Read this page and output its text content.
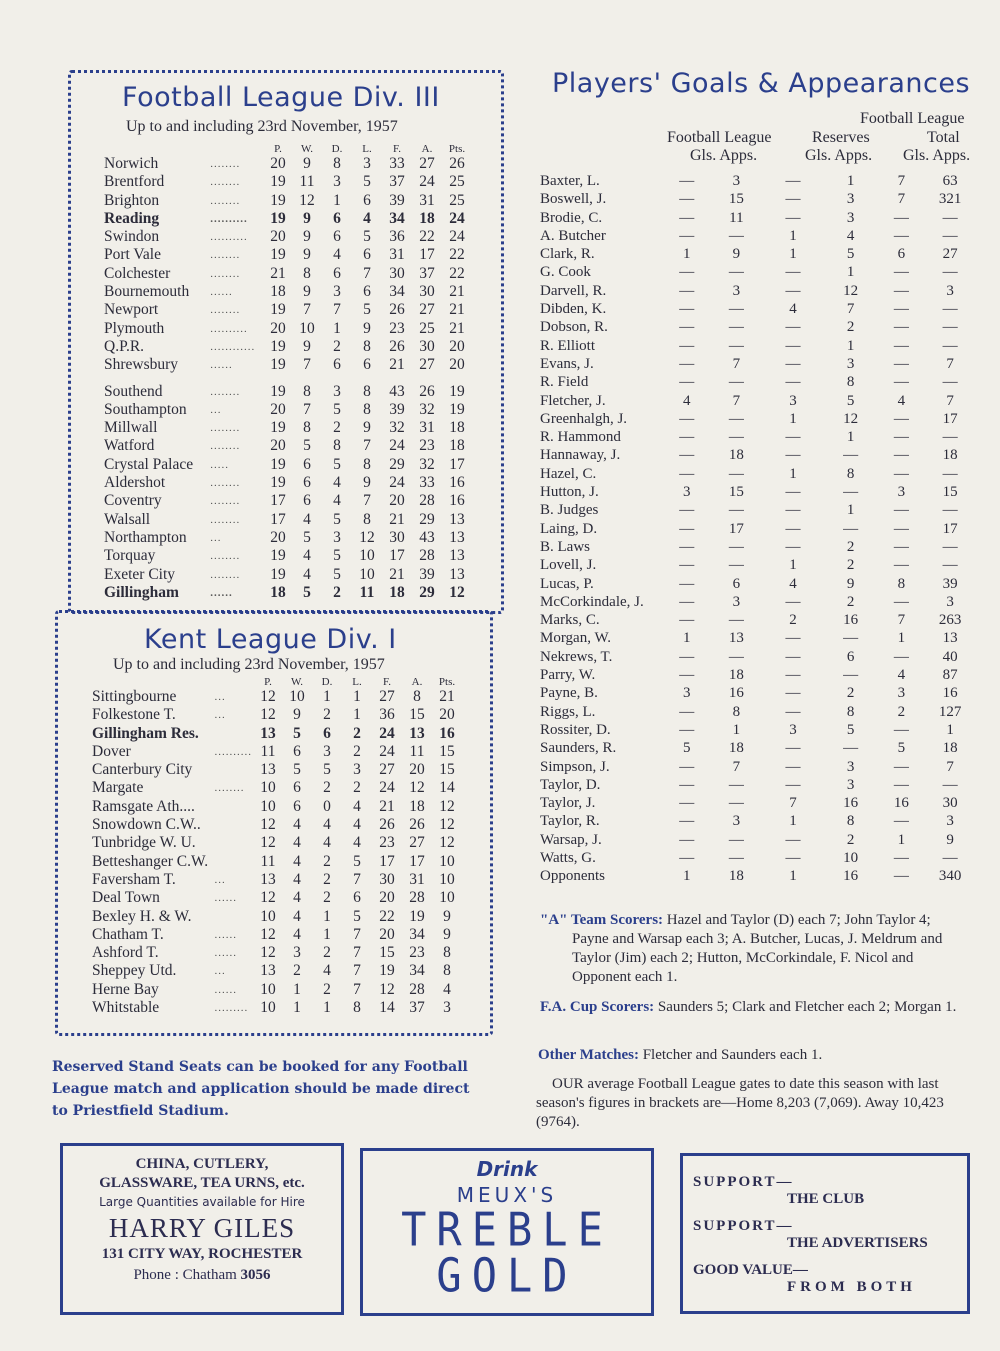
Football League Div. III
Up to and including 23rd November, 1957
		P.	W.	D.	L.	F.	A.	Pts.
Norwich	........	20	9	8	3	33	27	26
Brentford	........	19	11	3	5	37	24	25
Brighton	........	19	12	1	6	39	31	25
Reading	..........	19	9	6	4	34	18	24
Swindon	..........	20	9	6	5	36	22	24
Port Vale	........	19	9	4	6	31	17	22
Colchester	........	21	8	6	7	30	37	22
Bournemouth	......	18	9	3	6	34	30	21
Newport	........	19	7	7	5	26	27	21
Plymouth	..........	20	10	1	9	23	25	21
Q.P.R.	............	19	9	2	8	26	30	20
Shrewsbury	......	19	7	6	6	21	27	20
Southend	........	19	8	3	8	43	26	19
Southampton	...	20	7	5	8	39	32	19
Millwall	........	19	8	2	9	32	31	18
Watford	........	20	5	8	7	24	23	18
Crystal Palace	.....	19	6	5	8	29	32	17
Aldershot	........	19	6	4	9	24	33	16
Coventry	........	17	6	4	7	20	28	16
Walsall	........	17	4	5	8	21	29	13
Northampton	...	20	5	3	12	30	43	13
Torquay	........	19	4	5	10	17	28	13
Exeter City	........	19	4	5	10	21	39	13
Gillingham	......	18	5	2	11	18	29	12
Kent League Div. I
Up to and including 23rd November, 1957
		P.	W.	D.	L.	F.	A.	Pts.
Sittingbourne	...	12	10	1	1	27	8	21
Folkestone T.	...	12	9	2	1	36	15	20
Gillingham Res.		13	5	6	2	24	13	16
Dover	..........	11	6	3	2	24	11	15
Canterbury City		13	5	5	3	27	20	15
Margate	........	10	6	2	2	24	12	14
Ramsgate Ath....		10	6	0	4	21	18	12
Snowdown C.W..		12	4	4	4	26	26	12
Tunbridge W. U.		12	4	4	4	23	27	12
Betteshanger C.W.		11	4	2	5	17	17	10
Faversham T.	...	13	4	2	7	30	31	10
Deal Town	......	12	4	2	6	20	28	10
Bexley H. & W.		10	4	1	5	22	19	9
Chatham T.	......	12	4	1	7	20	34	9
Ashford T.	......	12	3	2	7	15	23	8
Sheppey Utd.	...	13	2	4	7	19	34	8
Herne Bay	......	10	1	2	7	12	28	4
Whitstable	.........	10	1	1	8	14	37	3
Reserved Stand Seats can be booked for any Football League match and application should be made direct to Priestfield Stadium.
Players' Goals & Appearances
Football League
Football League	Reserves	Total
Gls. Apps.	Gls. Apps. Gls. Apps.
Baxter, L.	—	3	—	1	7	63
Boswell, J.	—	15	—	3	7	321
Brodie, C.	—	11	—	3	—	—
A. Butcher	—	—	1	4	—	—
Clark, R.	1	9	1	5	6	27
G. Cook	—	—	—	1	—	—
Darvell, R.	—	3	—	12	—	3
Dibden, K.	—	—	4	7	—	—
Dobson, R.	—	—	—	2	—	—
R. Elliott	—	—	—	1	—	—
Evans, J.	—	7	—	3	—	7
R. Field	—	—	—	8	—	—
Fletcher, J.	4	7	3	5	4	7
Greenhalgh, J.	—	—	1	12	—	17
R. Hammond	—	—	—	1	—	—
Hannaway, J.	—	18	—	—	—	18
Hazel, C.	—	—	1	8	—	—
Hutton, J.	3	15	—	—	3	15
B. Judges	—	—	—	1	—	—
Laing, D.	—	17	—	—	—	17
B. Laws	—	—	—	2	—	—
Lovell, J.	—	—	1	2	—	—
Lucas, P.	—	6	4	9	8	39
McCorkindale, J.	—	3	—	2	—	3
Marks, C.	—	—	2	16	7	263
Morgan, W.	1	13	—	—	1	13
Nekrews, T.	—	—	—	6	—	40
Parry, W.	—	18	—	—	4	87
Payne, B.	3	16	—	2	3	16
Riggs, L.	—	8	—	8	2	127
Rossiter, D.	—	1	3	5	—	1
Saunders, R.	5	18	—	—	5	18
Simpson, J.	—	7	—	3	—	7
Taylor, D.	—	—	—	3	—	—
Taylor, J.	—	—	7	16	16	30
Taylor, R.	—	3	1	8	—	3
Warsap, J.	—	—	—	2	1	9
Watts, G.	—	—	—	10	—	—
Opponents	1	18	1	16	—	340
"A" Team Scorers: Hazel and Taylor (D) each 7; John Taylor 4; Payne and Warsap each 3; A. Butcher, Lucas, J. Meldrum and Taylor (Jim) each 2; Hutton, McCorkindale, F. Nicol and Opponent each 1.
F.A. Cup Scorers: Saunders 5; Clark and Fletcher each 2; Morgan 1.
Other Matches: Fletcher and Saunders each 1.
OUR average Football League gates to date this season with last season's figures in brackets are—Home 8,203 (7,069). Away 10,423 (9764).
CHINA, CUTLERY,
GLASSWARE, TEA URNS, etc.
Large Quantities available for Hire
HARRY GILES
131 CITY WAY, ROCHESTER
Phone : Chatham 3056
Drink
MEUX'S
TREBLE
GOLD
SUPPORT—
THE CLUB
SUPPORT—
THE ADVERTISERS
GOOD VALUE—
FROM BOTH
